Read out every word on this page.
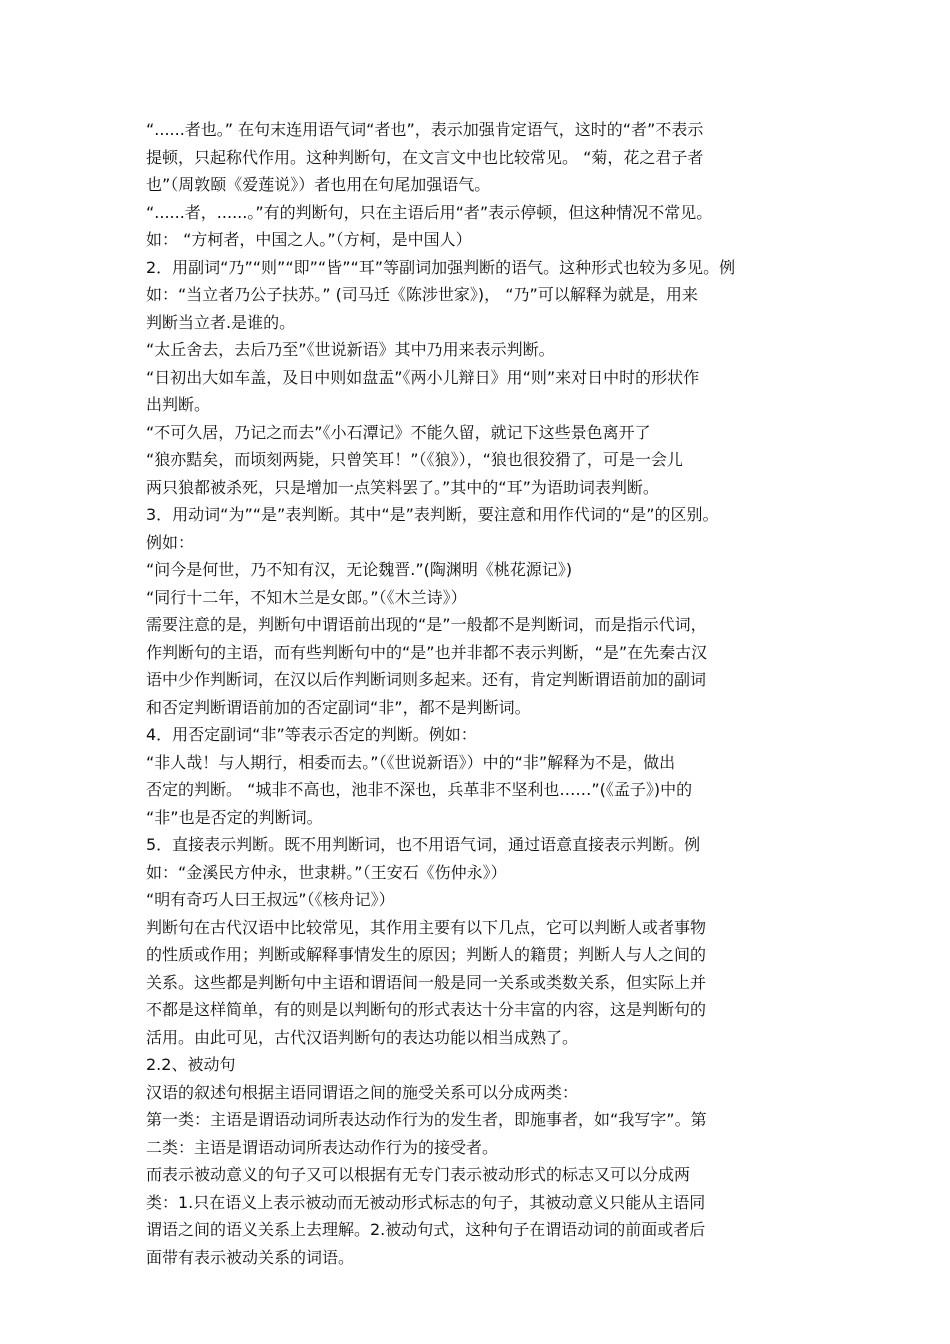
“......者也。” 在句末连用语气词“者也”，表示加强肯定语气，这时的“者”不表示

提顿，只起称代作用。这种判断句，在文言文中也比较常见。 “菊，花之君子者

也”（周敦颐《爱莲说》）者也用在句尾加强语气。

“......者，......。”有的判断句，只在主语后用“者”表示停顿，但这种情况不常见。

如： “方柯者，中国之人。”（方柯，是中国人）

2．用副词“乃”“则”“即”“皆”“耳”等副词加强判断的语气。这种形式也较为多见。例

如：“当立者乃公子扶苏。” (司马迁《陈涉世家》)， “乃”可以解释为就是，用来

判断当立者.是谁的。

“太丘舍去，去后乃至”《世说新语》其中乃用来表示判断。

“日初出大如车盖，及日中则如盘盂”《两小儿辩日》用“则”来对日中时的形状作

出判断。

“不可久居，乃记之而去”《小石潭记》不能久留，就记下这些景色离开了

“狼亦黠矣，而顷刻两毙，只曾笑耳！”（《狼》），“狼也很狡猾了，可是一会儿

两只狼都被杀死，只是增加一点笑料罢了。”其中的“耳”为语助词表判断。

3．用动词“为”“是”表判断。其中“是”表判断，要注意和用作代词的“是”的区别。

例如：

“问今是何世，乃不知有汉，无论魏晋.”(陶渊明《桃花源记》)

“同行十二年，不知木兰是女郎。”（《木兰诗》）

需要注意的是，判断句中谓语前出现的“是”一般都不是判断词，而是指示代词，

作判断句的主语，而有些判断句中的“是”也并非都不表示判断，“是”在先秦古汉

语中少作判断词，在汉以后作判断词则多起来。还有，肯定判断谓语前加的副词

和否定判断谓语前加的否定副词“非”，都不是判断词。

4．用否定副词“非”等表示否定的判断。例如：

“非人哉！与人期行，相委而去。”（《世说新语》）中的“非”解释为不是，做出

否定的判断。 “城非不高也，池非不深也，兵革非不坚利也……”(《孟子》)中的

“非”也是否定的判断词。

5．直接表示判断。既不用判断词，也不用语气词，通过语意直接表示判断。例

如：“金溪民方仲永，世隶耕。”（王安石《伤仲永》）

“明有奇巧人曰王叔远”（《核舟记》）

判断句在古代汉语中比较常见，其作用主要有以下几点，它可以判断人或者事物

的性质或作用；判断或解释事情发生的原因；判断人的籍贯；判断人与人之间的

关系。这些都是判断句中主语和谓语间一般是同一关系或类数关系，但实际上并

不都是这样简单，有的则是以判断句的形式表达十分丰富的内容，这是判断句的

活用。由此可见，古代汉语判断句的表达功能以相当成熟了。

2.2、被动句

汉语的叙述句根据主语同谓语之间的施受关系可以分成两类：

第一类：主语是谓语动词所表达动作行为的发生者，即施事者，如“我写字”。第

二类：主语是谓语动词所表达动作行为的接受者。

而表示被动意义的句子又可以根据有无专门表示被动形式的标志又可以分成两

类：1.只在语义上表示被动而无被动形式标志的句子，其被动意义只能从主语同

谓语之间的语义关系上去理解。2.被动句式，这种句子在谓语动词的前面或者后

面带有表示被动关系的词语。
